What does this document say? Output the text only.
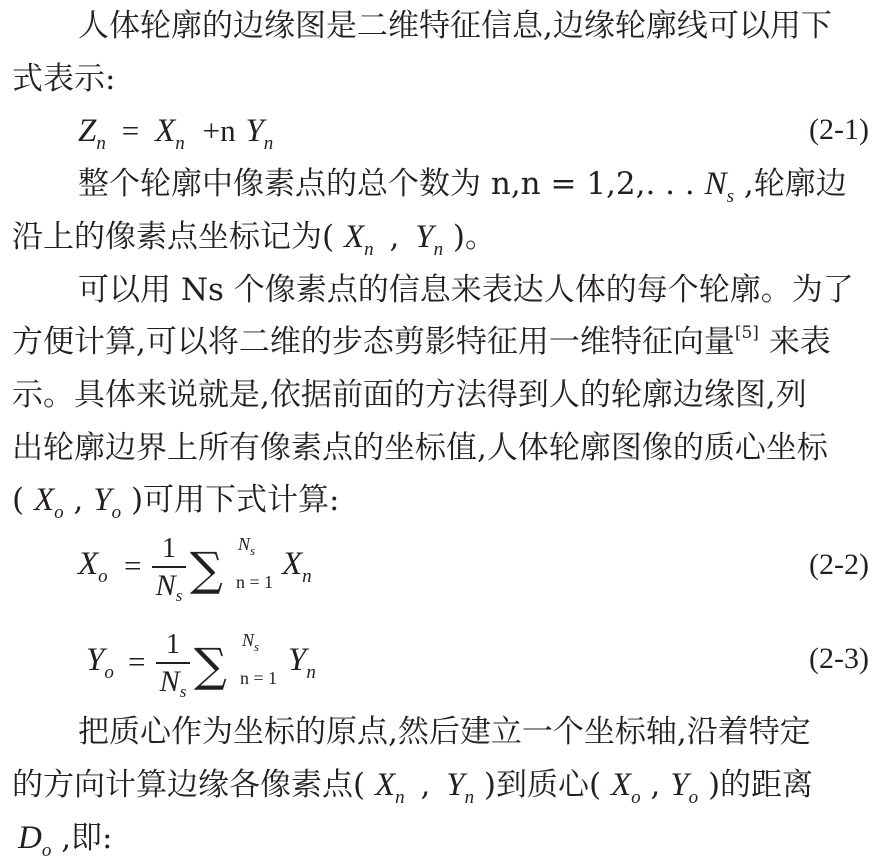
人体轮廓的边缘图是二维特征信息,边缘轮廓线可以用下
式表示:
$Z_n = X_n +n$ $Y_n$	(2-1)
整个轮廓中像素点的总个数为 n,n = 1,2,. . . $N_s$ ,轮廓边
沿上的像素点坐标记为( $X_n$ , $Y_n$ )。
可以用 Ns 个像素点的信息来表达人体的每个轮廓。为了
方便计算,可以将二维的步态剪影特征用一维特征向量[5] 来表
示。具体来说就是,依据前面的方法得到人的轮廓边缘图,列
出轮廓边界上所有像素点的坐标值,人体轮廓图像的质心坐标
( $X_o$ , $Y_o$ )可用下式计算:
Xo = 1
$N_s$ ∑ $N_s$
n = 1 Xn	(2-2)
Yo = 1
$N_s$ ∑ $N_s$
n = 1 Yn	(2-3)
把质心作为坐标的原点,然后建立一个坐标轴,沿着特定
的方向计算边缘各像素点( $X_n$ , $Y_n$ )到质心( $X_o$ , $Y_o$ )的距离
$D_o$ ,即:
